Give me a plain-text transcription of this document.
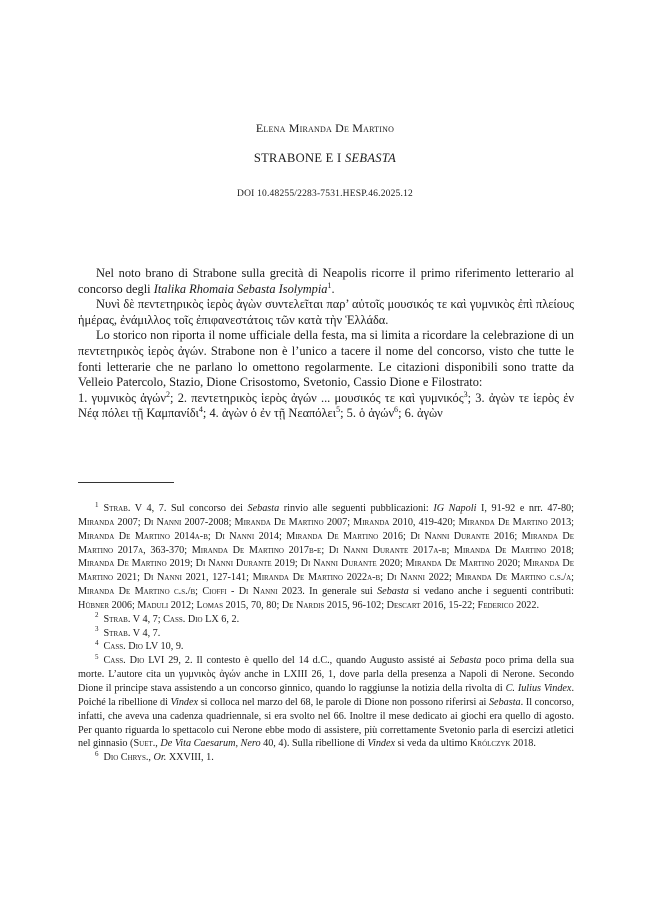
Elena Miranda De Martino
STRABONE E I SEBASTA
DOI 10.48255/2283-7531.HESP.46.2025.12

Nel noto brano di Strabone sulla grecità di Neapolis ricorre il primo riferimento letterario al concorso degli Italika Rhomaia Sebasta Isolympia$^1$.

Νυνὶ δὲ πεντετηρικὸς ἱερὸς ἀγὼν συντελεῖται παρ’ αὐτοῖς μουσικός τε καὶ γυμνικὸς ἐπὶ πλείους ἡμέρας, ἐνάμιλλος τοῖς ἐπιφανεστάτοις τῶν κατὰ τὴν Ἑλλάδα.

Lo storico non riporta il nome ufficiale della festa, ma si limita a ricordare la celebrazione di un πεντετηρικὸς ἱερὸς ἀγών. Strabone non è l’unico a tacere il nome del concorso, visto che tutte le fonti letterarie che ne parlano lo omettono regolarmente. Le citazioni disponibili sono tratte da Velleio Patercolo, Stazio, Dione Crisostomo, Svetonio, Cassio Dione e Filostrato:

1. γυμνικὸς ἀγών$^2$; 2. πεντετηρικὸς ἱερὸς ἀγών ... μουσικός τε καὶ γυμνικός$^3$; 3. ἀγὼν τε ἱερὸς ἐν Νέᾳ πόλει τῇ Καμπανίδι$^4$; 4. ἀγὼν ὁ ἐν τῇ Νεαπόλει$^5$; 5. ὁ ἀγών$^6$; 6. ἀγὼν

$^1$ Strab. V 4, 7. Sul concorso dei Sebasta rinvio alle seguenti pubblicazioni: IG Napoli I, 91-92 e nrr. 47-80; Miranda 2007; Di Nanni 2007-2008; Miranda De Martino 2007; Miranda 2010, 419-420; Miranda De Martino 2013; Miranda De Martino 2014a-b; Di Nanni 2014; Miranda De Martino 2016; Di Nanni Durante 2016; Miranda De Martino 2017a, 363-370; Miranda De Martino 2017b-e; Di Nanni Durante 2017a-b; Miranda De Martino 2018; Miranda De Martino 2019; Di Nanni Durante 2019; Di Nanni Durante 2020; Miranda De Martino 2020; Miranda De Martino 2021; Di Nanni 2021, 127-141; Miranda De Martino 2022a-b; Di Nanni 2022; Miranda De Martino c.s./a; Miranda De Martino c.s./b; Cioffi - Di Nanni 2023. In generale sui Sebasta si vedano anche i seguenti contributi: Hübner 2006; Maduli 2012; Lomas 2015, 70, 80; De Nardis 2015, 96-102; Descart 2016, 15-22; Federico 2022.

$^2$ Strab. V 4, 7; Cass. Dio LX 6, 2.

$^3$ Strab. V 4, 7.

$^4$ Cass. Dio LV 10, 9.

$^5$ Cass. Dio LVI 29, 2. Il contesto è quello del 14 d.C., quando Augusto assisté ai Sebasta poco prima della sua morte. L’autore cita un γυμνικὸς ἀγών anche in LXIII 26, 1, dove parla della presenza a Napoli di Nerone. Secondo Dione il principe stava assistendo a un concorso ginnico, quando lo raggiunse la notizia della rivolta di C. Iulius Vindex. Poiché la ribellione di Vindex si colloca nel marzo del 68, le parole di Dione non possono riferirsi ai Sebasta. Il concorso, infatti, che aveva una cadenza quadriennale, si era svolto nel 66. Inoltre il mese dedicato ai giochi era quello di agosto. Per quanto riguarda lo spettacolo cui Nerone ebbe modo di assistere, più correttamente Svetonio parla di esercizi atletici nel ginnasio (Suet., De Vita Caesarum, Nero 40, 4). Sulla ribellione di Vindex si veda da ultimo Królczyk 2018.

$^6$ Dio Chrys., Or. XXVIII, 1.
